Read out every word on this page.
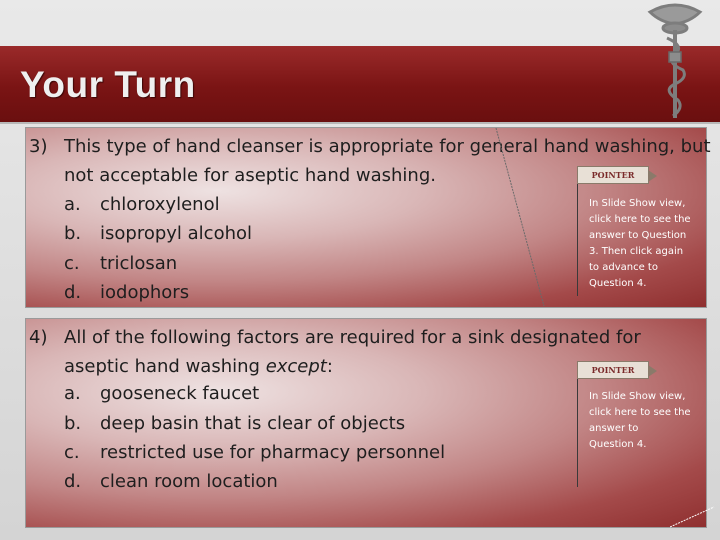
Your Turn
3) This type of hand cleanser is appropriate for general hand washing, but
not acceptable for aseptic hand washing.
a. chloroxylenol
b. isopropyl alcohol
c. triclosan
d. iodophors
POINTER
In Slide Show view,
click here to see the
answer to Question
3. Then click again
to advance to
Question 4.
4) All of the following factors are required for a sink designated for
aseptic hand washing except:
a. gooseneck faucet
b. deep basin that is clear of objects
c. restricted use for pharmacy personnel
d. clean room location
POINTER
In Slide Show view,
click here to see the
answer to
Question 4.
